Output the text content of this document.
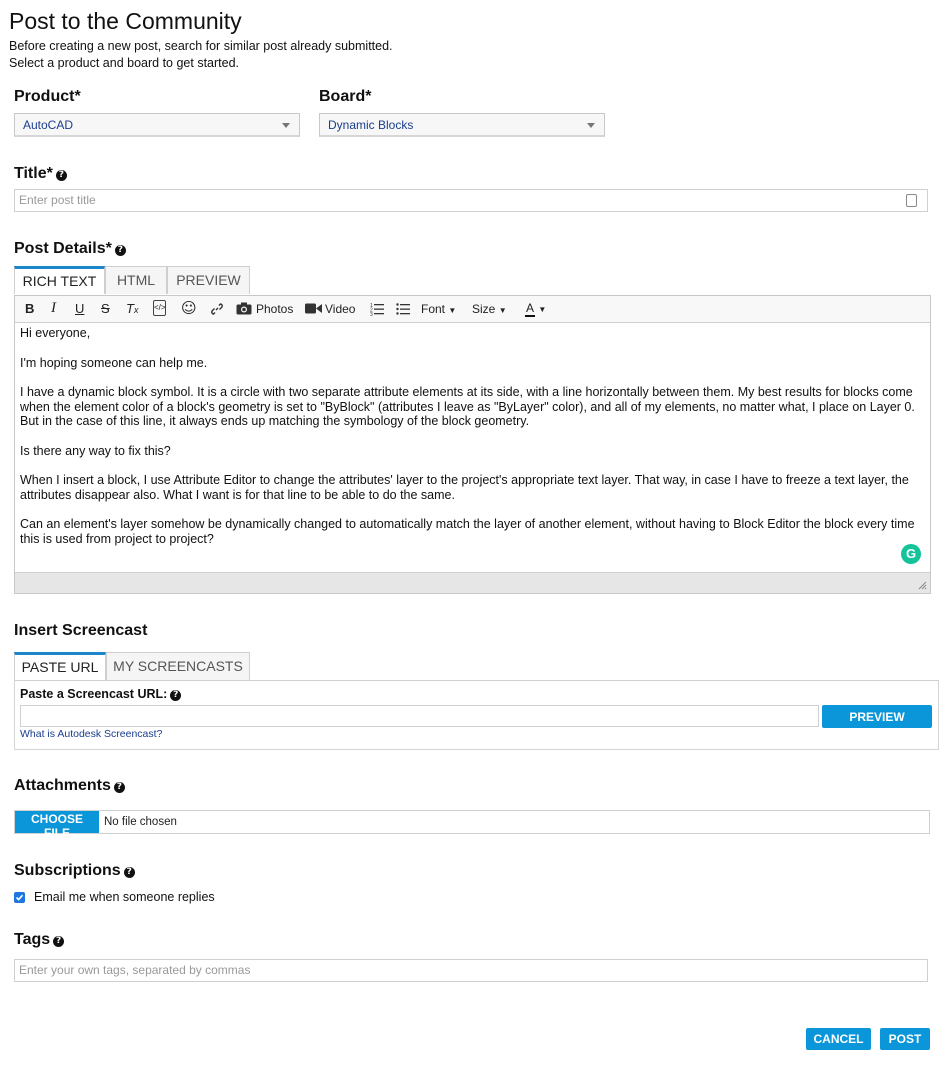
Post to the Community
Before creating a new post, search for similar post already submitted.
Select a product and board to get started.
Product*
AutoCAD
Board*
Dynamic Blocks
Title* ?
Enter post title
Post Details* ?
RICH TEXT	HTML	PREVIEW
B I U S Tx </> ☺	Photos	Video	1
2
3	Font ▼ Size ▼ A ▼

Hi everyone,

I'm hoping someone can help me.

I have a dynamic block symbol. It is a circle with two separate attribute elements at its side, with a line horizontally between them. My best results for blocks come when the element color of a block's geometry is set to "ByBlock" (attributes I leave as "ByLayer" color), and all of my elements, no matter what, I place on Layer 0. But in the case of this line, it always ends up matching the symbology of the block geometry.

Is there any way to fix this?

When I insert a block, I use Attribute Editor to change the attributes' layer to the project's appropriate text layer. That way, in case I have to freeze a text layer, the attributes disappear also. What I want is for that line to be able to do the same.

Can an element's layer somehow be dynamically changed to automatically match the layer of another element, without having to Block Editor the block every time this is used from project to project?

G
Insert Screencast
PASTE URL	MY SCREENCASTS
Paste a Screencast URL: ?
PREVIEW
What is Autodesk Screencast?
Attachments ?
CHOOSE FILE
No file chosen
Subscriptions ?
Email me when someone replies
Tags ?
Enter your own tags, separated by commas
CANCEL	POST
